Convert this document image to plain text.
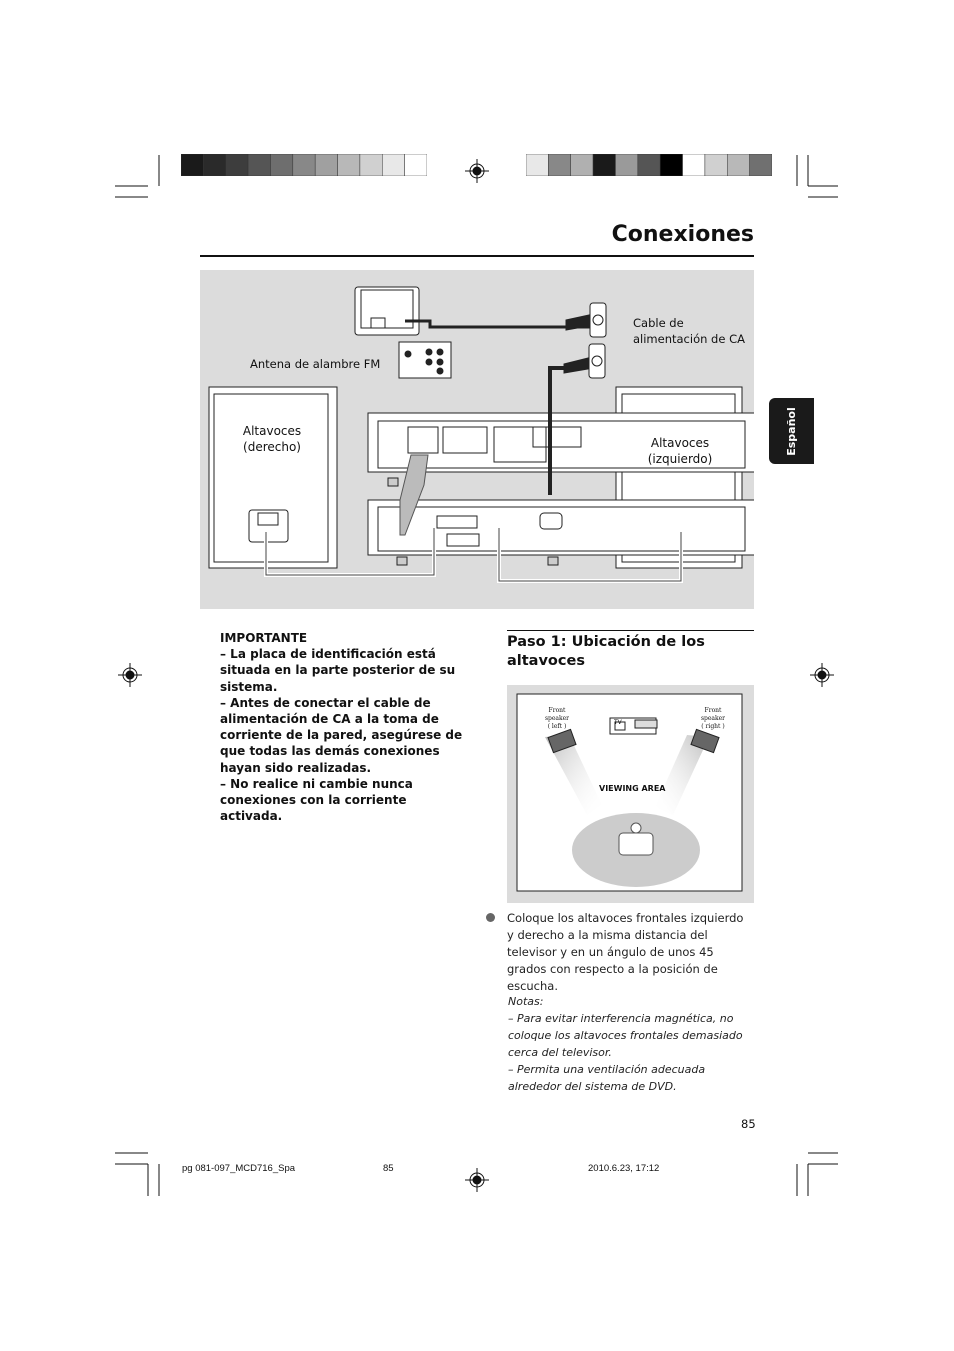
Conexiones
Altavoces
(derecho)	Altavoces
(izquierdo)
Antena de alambre FM
Cable de
alimentación de CA
Español

IMPORTANTE

– La placa de identificación está situada en la parte posterior de su sistema.

– Antes de conectar el cable de alimentación de CA a la toma de corriente de la pared, asegúrese de que todas las demás conexiones hayan sido realizadas.

– No realice ni cambie nunca conexiones con la corriente activada.

Paso 1: Ubicación de los altavoces
Front
speaker
( left )
Front
speaker
( right )
TV
VIEWING AREA
Coloque los altavoces frontales izquierdo y derecho a la misma distancia del televisor y en un ángulo de unos 45 grados con respecto a la posición de escucha.

Notas:

– Para evitar interferencia magnética, no coloque los altavoces frontales demasiado cerca del televisor.

– Permita una ventilación adecuada alrededor del sistema de DVD.

85
pg 081-097_MCD716_Spa	85	2010.6.23, 17:12
